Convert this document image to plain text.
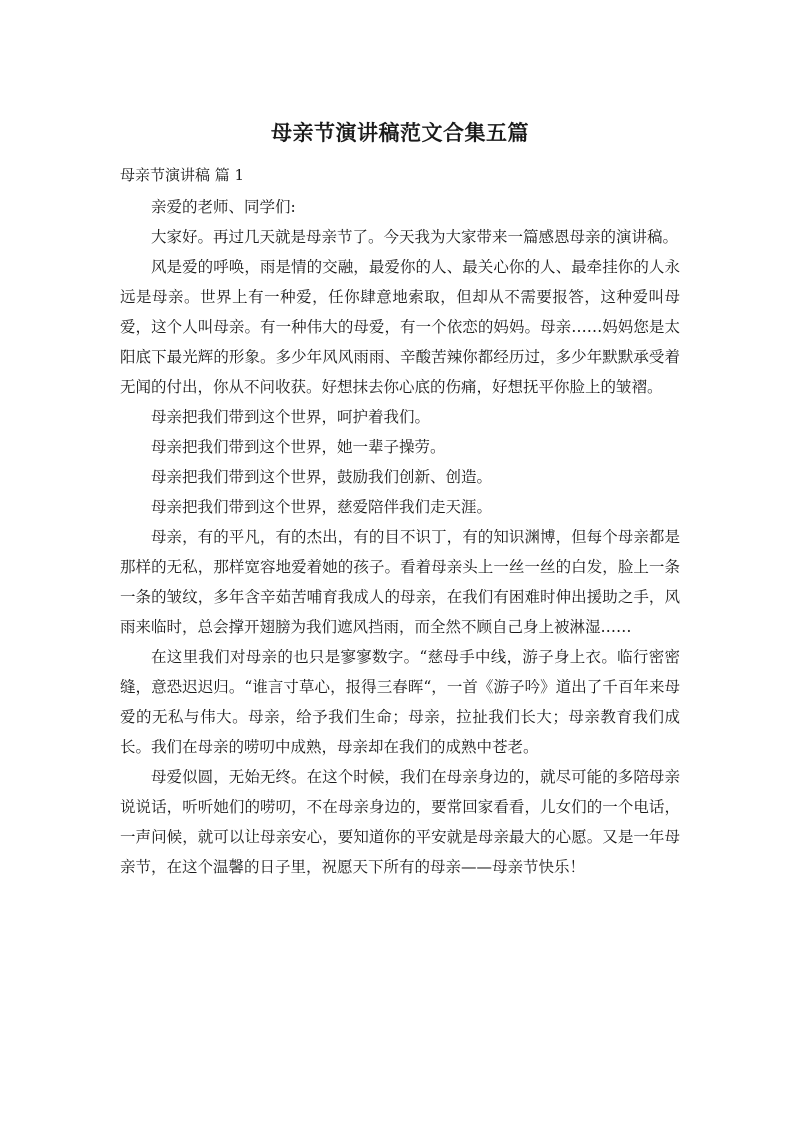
母亲节演讲稿范文合集五篇
母亲节演讲稿 篇 1

亲爱的老师、同学们:

大家好。再过几天就是母亲节了。今天我为大家带来一篇感恩母亲的演讲稿。

风是爱的呼唤，雨是情的交融，最爱你的人、最关心你的人、最牵挂你的人永远是母亲。世界上有一种爱，任你肆意地索取，但却从不需要报答，这种爱叫母爱，这个人叫母亲。有一种伟大的母爱，有一个依恋的妈妈。母亲……妈妈您是太阳底下最光辉的形象。多少年风风雨雨、辛酸苦辣你都经历过，多少年默默承受着无闻的付出，你从不问收获。好想抹去你心底的伤痛，好想抚平你脸上的皱褶。

母亲把我们带到这个世界，呵护着我们。

母亲把我们带到这个世界，她一辈子操劳。

母亲把我们带到这个世界，鼓励我们创新、创造。

母亲把我们带到这个世界，慈爱陪伴我们走天涯。

母亲，有的平凡，有的杰出，有的目不识丁，有的知识渊博，但每个母亲都是那样的无私，那样宽容地爱着她的孩子。看着母亲头上一丝一丝的白发，脸上一条一条的皱纹，多年含辛茹苦哺育我成人的母亲，在我们有困难时伸出援助之手，风雨来临时，总会撑开翅膀为我们遮风挡雨，而全然不顾自己身上被淋湿……

在这里我们对母亲的也只是寥寥数字。“慈母手中线，游子身上衣。临行密密缝，意恐迟迟归。“谁言寸草心，报得三春晖“，一首《游子吟》道出了千百年来母爱的无私与伟大。母亲，给予我们生命；母亲，拉扯我们长大；母亲教育我们成长。我们在母亲的唠叨中成熟，母亲却在我们的成熟中苍老。

母爱似圆，无始无终。在这个时候，我们在母亲身边的，就尽可能的多陪母亲说说话，听听她们的唠叨，不在母亲身边的，要常回家看看，儿女们的一个电话，一声问候，就可以让母亲安心，要知道你的平安就是母亲最大的心愿。又是一年母亲节，在这个温馨的日子里，祝愿天下所有的母亲——母亲节快乐！
